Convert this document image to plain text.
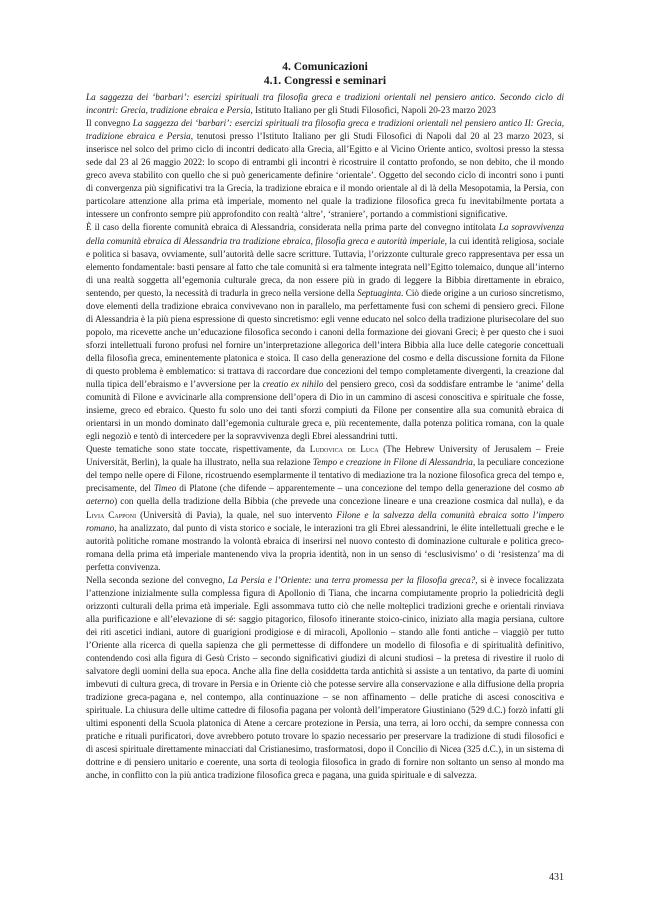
4. Comunicazioni
4.1. Congressi e seminari

La saggezza dei ‘barbari’: esercizi spirituali tra filosofia greca e tradizioni orientali nel pensiero antico. Secondo ciclo di incontri: Grecia, tradizione ebraica e Persia, Istituto Italiano per gli Studi Filosofici, Napoli 20-23 marzo 2023

Il convegno La saggezza dei ‘barbari’: esercizi spirituali tra filosofia greca e tradizioni orientali nel pensiero antico II: Grecia, tradizione ebraica e Persia, tenutosi presso l’Istituto Italiano per gli Studi Filosofici di Napoli dal 20 al 23 marzo 2023, si inserisce nel solco del primo ciclo di incontri dedicato alla Grecia, all’Egitto e al Vicino Oriente antico, svoltosi presso la stessa sede dal 23 al 26 maggio 2022: lo scopo di entrambi gli incontri è ricostruire il contatto profondo, se non debito, che il mondo greco aveva stabilito con quello che si può genericamente definire ‘orientale’. Oggetto del secondo ciclo di incontri sono i punti di convergenza più significativi tra la Grecia, la tradizione ebraica e il mondo orientale al di là della Mesopotamia, la Persia, con particolare attenzione alla prima età imperiale, momento nel quale la tradizione filosofica greca fu inevitabilmente portata a intessere un confronto sempre più approfondito con realtà ‘altre’, ‘straniere’, portando a commistioni significative.

È il caso della fiorente comunità ebraica di Alessandria, considerata nella prima parte del convegno intitolata La sopravvivenza della comunità ebraica di Alessandria tra tradizione ebraica, filosofia greca e autorità imperiale, la cui identità religiosa, sociale e politica si basava, ovviamente, sull’autorità delle sacre scritture. Tuttavia, l’orizzonte culturale greco rappresentava per essa un elemento fondamentale: basti pensare al fatto che tale comunità si era talmente integrata nell’Egitto tolemaico, dunque all’interno di una realtà soggetta all’egemonia culturale greca, da non essere più in grado di leggere la Bibbia direttamente in ebraico, sentendo, per questo, la necessità di tradurla in greco nella versione della Septuaginta. Ciò diede origine a un curioso sincretismo, dove elementi della tradizione ebraica convivevano non in parallelo, ma perfettamente fusi con schemi di pensiero greci. Filone di Alessandria è la più piena espressione di questo sincretismo: egli venne educato nel solco della tradizione plurisecolare del suo popolo, ma ricevette anche un’educazione filosofica secondo i canoni della formazione dei giovani Greci; è per questo che i suoi sforzi intellettuali furono profusi nel fornire un’interpretazione allegorica dell’intera Bibbia alla luce delle categorie concettuali della filosofia greca, eminentemente platonica e stoica. Il caso della generazione del cosmo e della discussione fornita da Filone di questo problema è emblematico: si trattava di raccordare due concezioni del tempo completamente divergenti, la creazione dal nulla tipica dell’ebraismo e l’avversione per la creatio ex nihilo del pensiero greco, così da soddisfare entrambe le ‘anime’ della comunità di Filone e avvicinarle alla comprensione dell’opera di Dio in un cammino di ascesi conoscitiva e spirituale che fosse, insieme, greco ed ebraico. Questo fu solo uno dei tanti sforzi compiuti da Filone per consentire alla sua comunità ebraica di orientarsi in un mondo dominato dall’egemonia culturale greca e, più recentemente, dalla potenza politica romana, con la quale egli negoziò e tentò di intercedere per la sopravvivenza degli Ebrei alessandrini tutti.

Queste tematiche sono state toccate, rispettivamente, da Ludovica de Luca (The Hebrew University of Jerusalem – Freie Universität, Berlin), la quale ha illustrato, nella sua relazione Tempo e creazione in Filone di Alessandria, la peculiare concezione del tempo nelle opere di Filone, ricostruendo esemplarmente il tentativo di mediazione tra la nozione filosofica greca del tempo e, precisamente, del Timeo di Platone (che difende – apparentemente – una concezione del tempo della generazione del cosmo ab aeterno) con quella della tradizione della Bibbia (che prevede una concezione lineare e una creazione cosmica dal nulla), e da Livia Capponi (Università di Pavia), la quale, nel suo intervento Filone e la salvezza della comunità ebraica sotto l’impero romano, ha analizzato, dal punto di vista storico e sociale, le interazioni tra gli Ebrei alessandrini, le élite intellettuali greche e le autorità politiche romane mostrando la volontà ebraica di inserirsi nel nuovo contesto di dominazione culturale e politica greco-romana della prima età imperiale mantenendo viva la propria identità, non in un senso di ‘esclusivismo’ o di ‘resistenza’ ma di perfetta convivenza.

Nella seconda sezione del convegno, La Persia e l’Oriente: una terra promessa per la filosofia greca?, si è invece focalizzata l’attenzione inizialmente sulla complessa figura di Apollonio di Tiana, che incarna compiutamente proprio la poliedricità degli orizzonti culturali della prima età imperiale. Egli assommava tutto ciò che nelle molteplici tradizioni greche e orientali rinviava alla purificazione e all’elevazione di sé: saggio pitagorico, filosofo itinerante stoico-cinico, iniziato alla magia persiana, cultore dei riti ascetici indiani, autore di guarigioni prodigiose e di miracoli, Apollonio – stando alle fonti antiche – viaggiò per tutto l’Oriente alla ricerca di quella sapienza che gli permettesse di diffondere un modello di filosofia e di spiritualità definitivo, contendendo così alla figura di Gesù Cristo – secondo significativi giudizi di alcuni studiosi – la pretesa di rivestire il ruolo di salvatore degli uomini della sua epoca. Anche alla fine della cosiddetta tarda antichità si assiste a un tentativo, da parte di uomini imbevuti di cultura greca, di trovare in Persia e in Oriente ciò che potesse servire alla conservazione e alla diffusione della propria tradizione greca-pagana e, nel contempo, alla continuazione – se non affinamento – delle pratiche di ascesi conoscitiva e spirituale. La chiusura delle ultime cattedre di filosofia pagana per volontà dell’imperatore Giustiniano (529 d.C.) forzò infatti gli ultimi esponenti della Scuola platonica di Atene a cercare protezione in Persia, una terra, ai loro occhi, da sempre connessa con pratiche e rituali purificatori, dove avrebbero potuto trovare lo spazio necessario per preservare la tradizione di studi filosofici e di ascesi spirituale direttamente minacciati dal Cristianesimo, trasformatosi, dopo il Concilio di Nicea (325 d.C.), in un sistema di dottrine e di pensiero unitario e coerente, una sorta di teologia filosofica in grado di fornire non soltanto un senso al mondo ma anche, in conflitto con la più antica tradizione filosofica greca e pagana, una guida spirituale e di salvezza.

431
